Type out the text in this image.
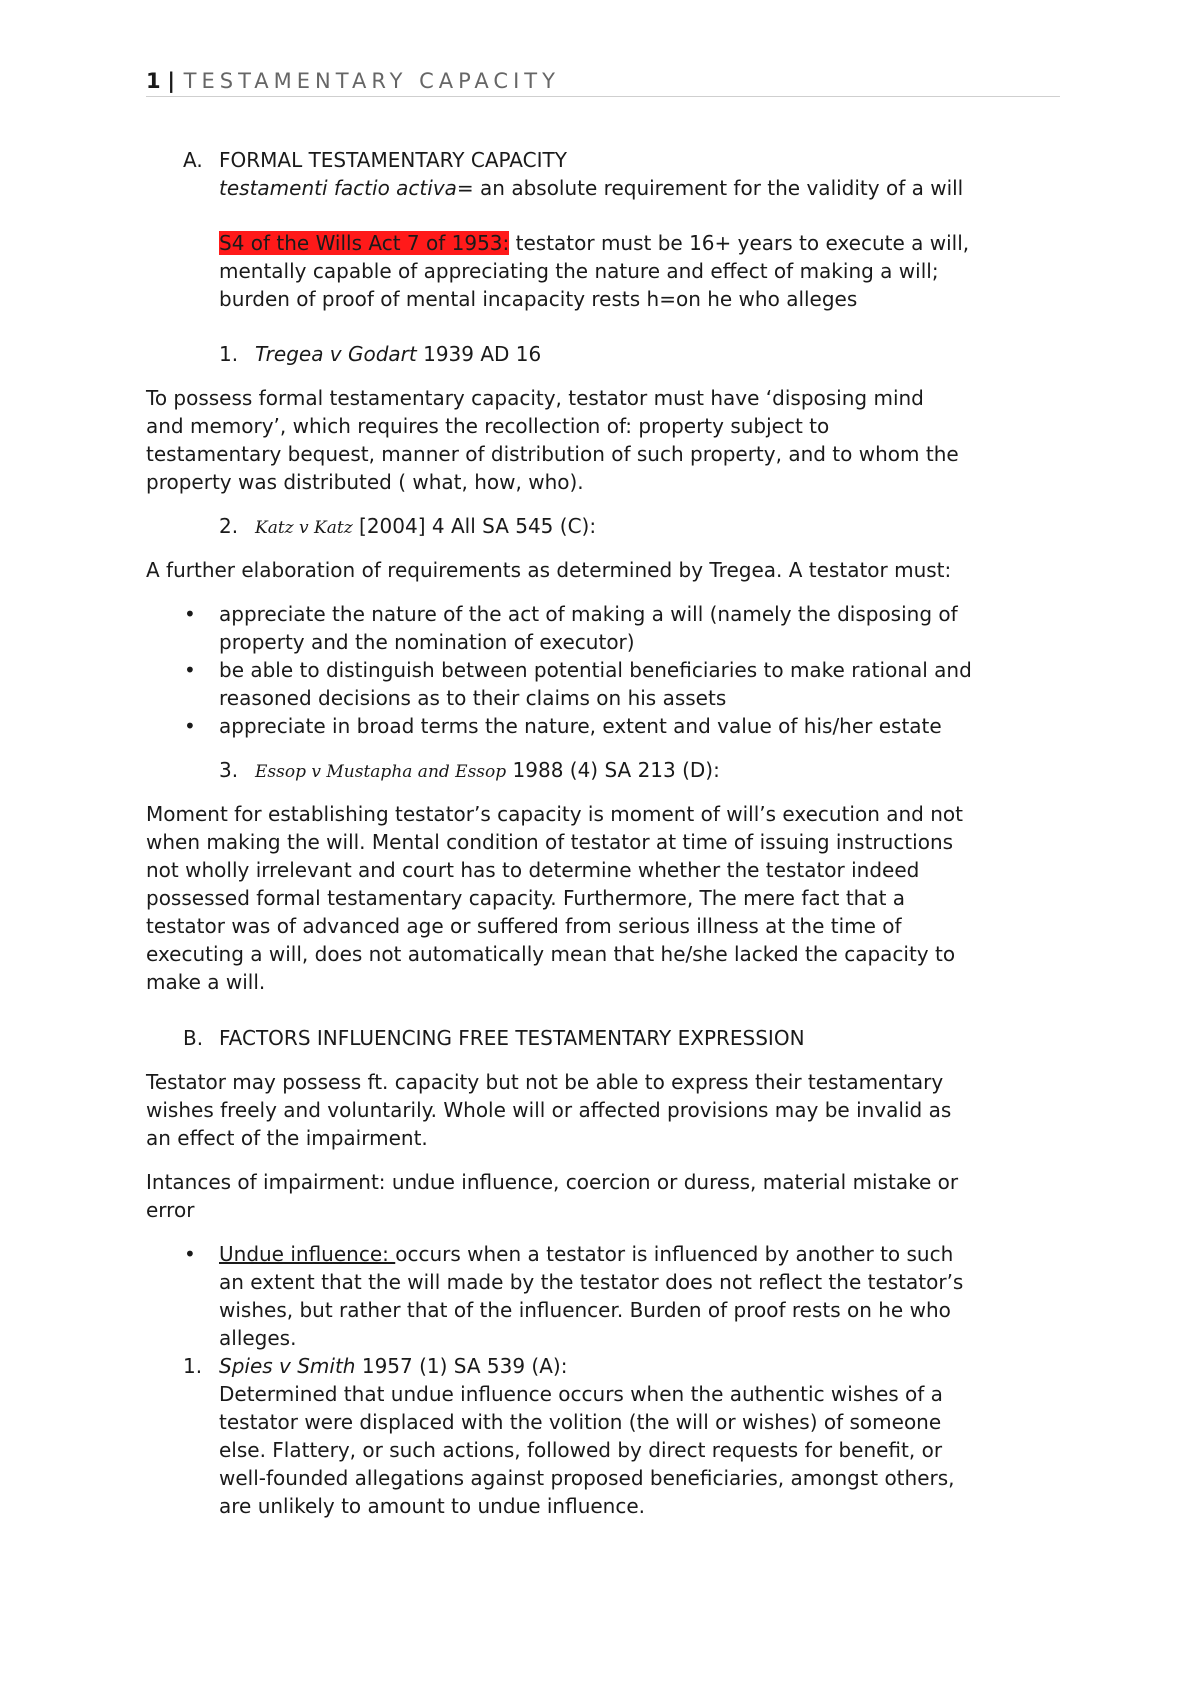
1 | TESTAMENTARY CAPACITY
A. FORMAL TESTAMENTARY CAPACITY
testamenti factio activa= an absolute requirement for the validity of a will
S4 of the Wills Act 7 of 1953: testator must be 16+ years to execute a will,
mentally capable of appreciating the nature and effect of making a will;
burden of proof of mental incapacity rests h=on he who alleges
1. Tregea v Godart 1939 AD 16
To possess formal testamentary capacity, testator must have ‘disposing mind
and memory’, which requires the recollection of: property subject to
testamentary bequest, manner of distribution of such property, and to whom the
property was distributed ( what, how, who).
2. Katz v Katz [2004] 4 All SA 545 (C):
A further elaboration of requirements as determined by Tregea. A testator must:
• appreciate the nature of the act of making a will (namely the disposing of
property and the nomination of executor)
• be able to distinguish between potential beneficiaries to make rational and
reasoned decisions as to their claims on his assets
• appreciate in broad terms the nature, extent and value of his/her estate
3. Essop v Mustapha and Essop 1988 (4) SA 213 (D):
Moment for establishing testator’s capacity is moment of will’s execution and not
when making the will. Mental condition of testator at time of issuing instructions
not wholly irrelevant and court has to determine whether the testator indeed
possessed formal testamentary capacity. Furthermore, The mere fact that a
testator was of advanced age or suffered from serious illness at the time of
executing a will, does not automatically mean that he/she lacked the capacity to
make a will.
B. FACTORS INFLUENCING FREE TESTAMENTARY EXPRESSION
Testator may possess ft. capacity but not be able to express their testamentary
wishes freely and voluntarily. Whole will or affected provisions may be invalid as
an effect of the impairment.
Intances of impairment: undue influence, coercion or duress, material mistake or
error
• Undue influence: occurs when a testator is influenced by another to such
an extent that the will made by the testator does not reflect the testator’s
wishes, but rather that of the influencer. Burden of proof rests on he who
alleges.
1. Spies v Smith 1957 (1) SA 539 (A):
Determined that undue influence occurs when the authentic wishes of a
testator were displaced with the volition (the will or wishes) of someone
else. Flattery, or such actions, followed by direct requests for benefit, or
well-founded allegations against proposed beneficiaries, amongst others,
are unlikely to amount to undue influence.
